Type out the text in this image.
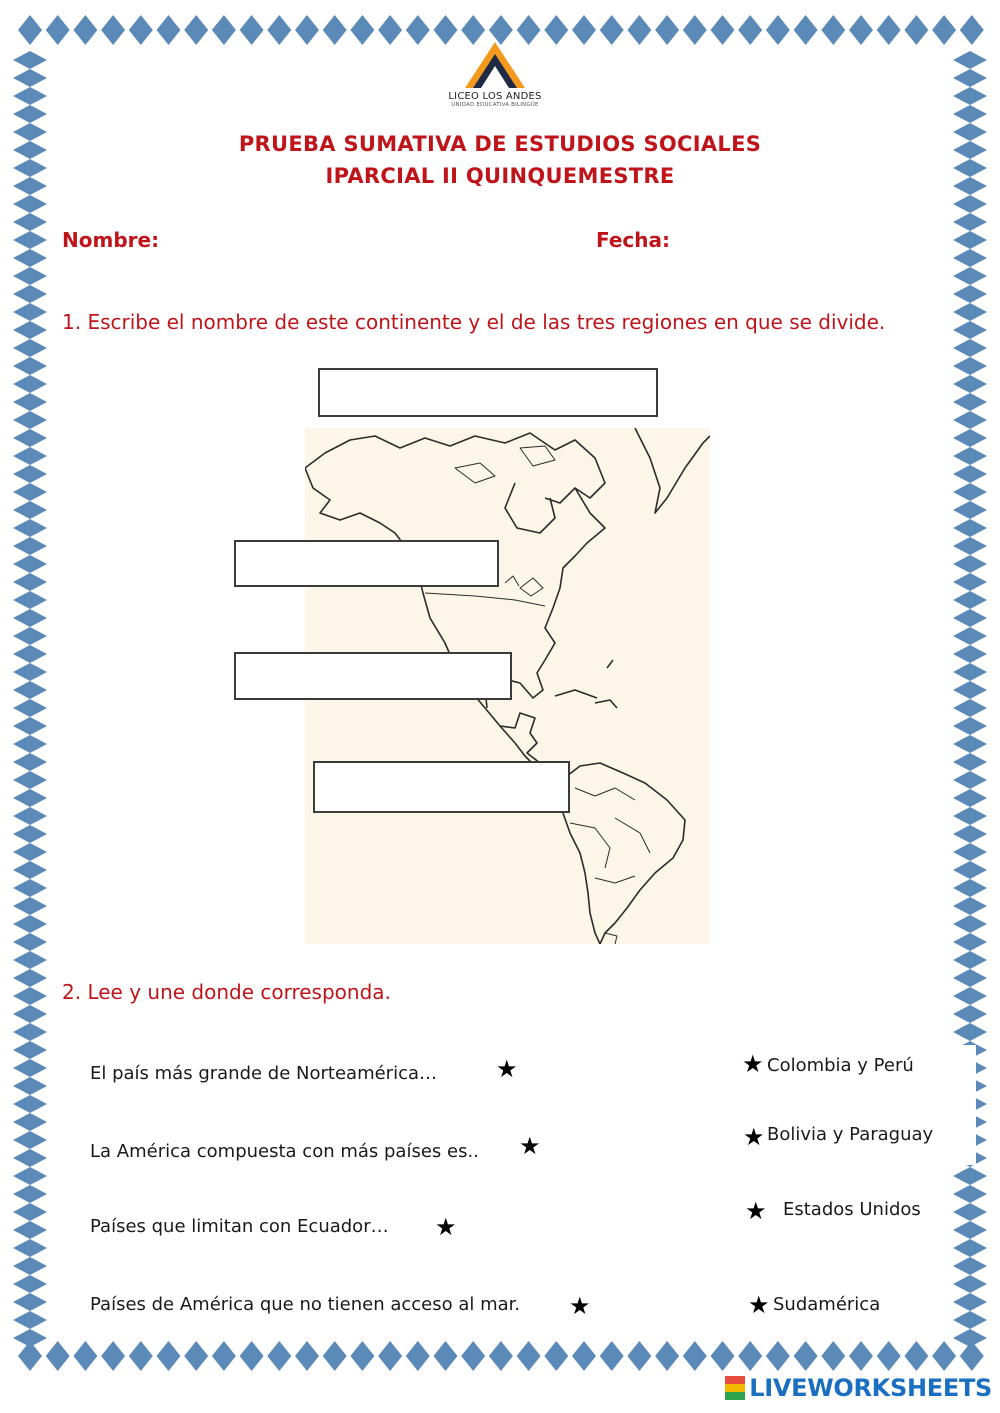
LICEO LOS ANDES
UNIDAD EDUCATIVA BILINGÜE
PRUEBA SUMATIVA DE ESTUDIOS SOCIALES
IPARCIAL II QUINQUEMESTRE
Nombre:	Fecha:
1. Escribe el nombre de este continente y el de las tres regiones en que se divide.
2. Lee y une donde corresponda.
El país más grande de Norteamérica… ★
La América compuesta con más países es.. ★
Países que limitan con Ecuador… ★
Países de América que no tienen acceso al mar. ★
★ Colombia y Perú
★ Bolivia y Paraguay
★ Estados Unidos
★ Sudamérica
LIVEWORKSHEETS
